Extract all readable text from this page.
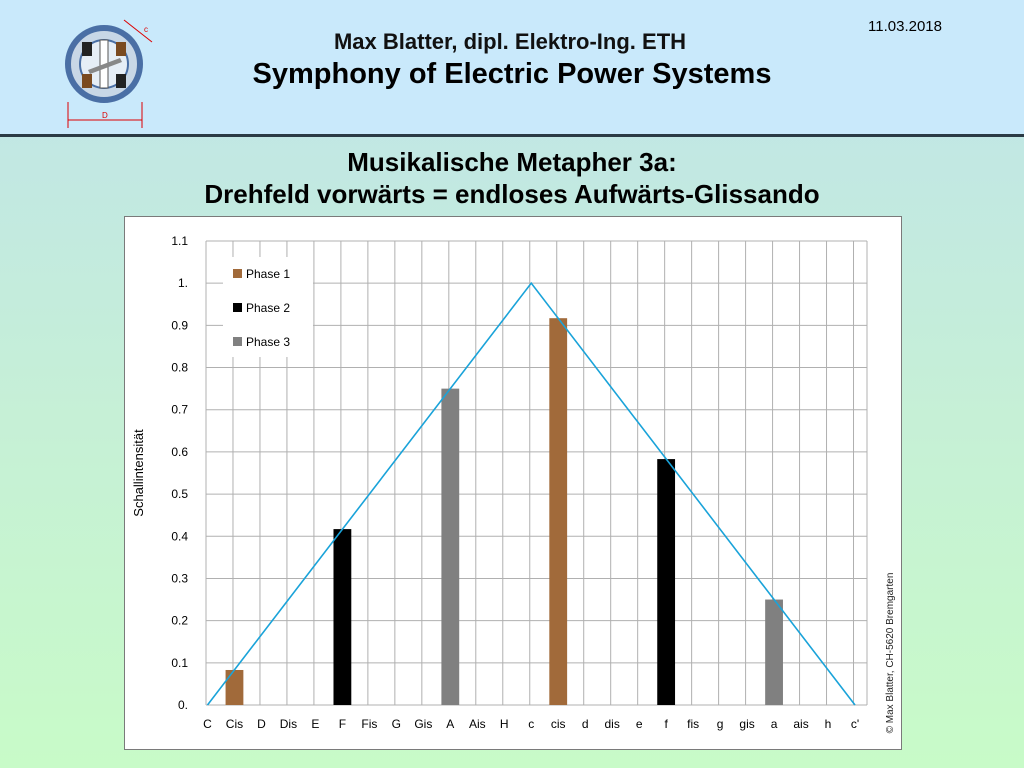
c
D
Max Blatter, dipl. Elektro-Ing. ETH
Symphony of Electric Power Systems
11.03.2018
Musikalische Metapher 3a:
Drehfeld vorwärts = endloses Aufwärts-Glissando
0.
0.1
0.2
0.3
0.4
0.5
0.6
0.7
0.8
0.9
1.
1.1
C Cis D Dis E F Fis G Gis A Ais H c cis d dis e f fis g gis a ais h c'
Phase 1
Phase 2
Phase 3
Schallintensität
© Max Blatter, CH-5620 Bremgarten
